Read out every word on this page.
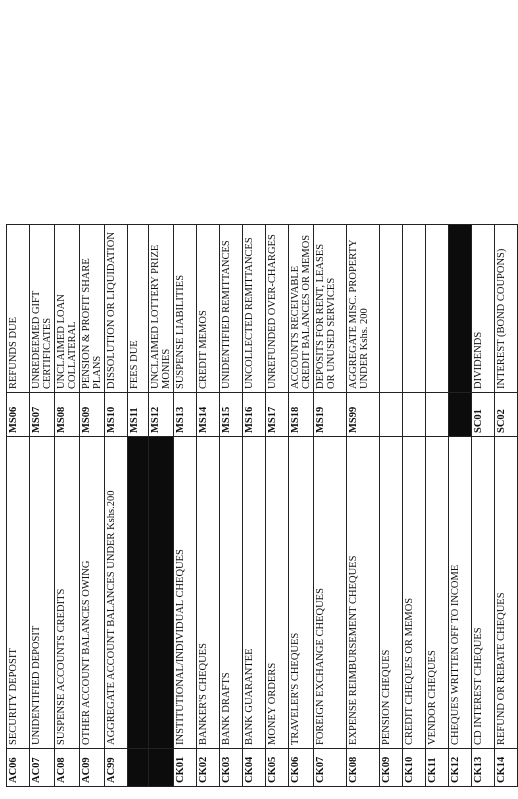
AC06	SECURITY DEPOSIT	MS06	REFUNDS DUE
AC07	UNIDENTIFIED DEPOSIT	MS07	UNREDEEMED GIFT CERTIFICATES
AC08	SUSPENSE ACCOUNTS CREDITS	MS08	UNCLAIMED LOAN COLLATERAL
AC09	OTHER ACCOUNT BALANCES OWING	MS09	PENSION & PROFIT SHARE PLANS
AC99	AGGREGATE ACCOUNT BALANCES UNDER Kshs.200	MS10	DISSOLUTION OR LIQUIDATION
		MS11	FEES DUE
		MS12	UNCLAIMED LOTTERY PRIZE MONIES
CK01	INSTITUTIONAL/INDIVIDUAL CHEQUES	MS13	SUSPENSE LIABILITIES
CK02	BANKER'S CHEQUES	MS14	CREDIT MEMOS
CK03	BANK DRAFTS	MS15	UNIDENTIFIED REMITTANCES
CK04	BANK GUARANTEE	MS16	UNCOLLECTED REMITTANCES
CK05	MONEY ORDERS	MS17	UNREFUNDED OVER-CHARGES
CK06	TRAVELER'S CHEQUES	MS18	ACCOUNTS RECEIVABLE CREDIT BALANCES OR MEMOS
CK07	FOREIGN EXCHANGE CHEQUES	MS19	DEPOSITS FOR RENT, LEASES OR UNUSED SERVICES
CK08	EXPENSE REIMBURSEMENT CHEQUES	MS99	AGGREGATE MISC. PROPERTY UNDER Kshs. 200
CK09	PENSION CHEQUES		
CK10	CREDIT CHEQUES OR MEMOS		
CK11	VENDOR CHEQUES		
CK12	CHEQUES WRITTEN OFF TO INCOME		
CK13	CD INTEREST CHEQUES	SC01	DIVIDENDS
CK14	REFUND OR REBATE CHEQUES	SC02	INTEREST (BOND COUPONS)
